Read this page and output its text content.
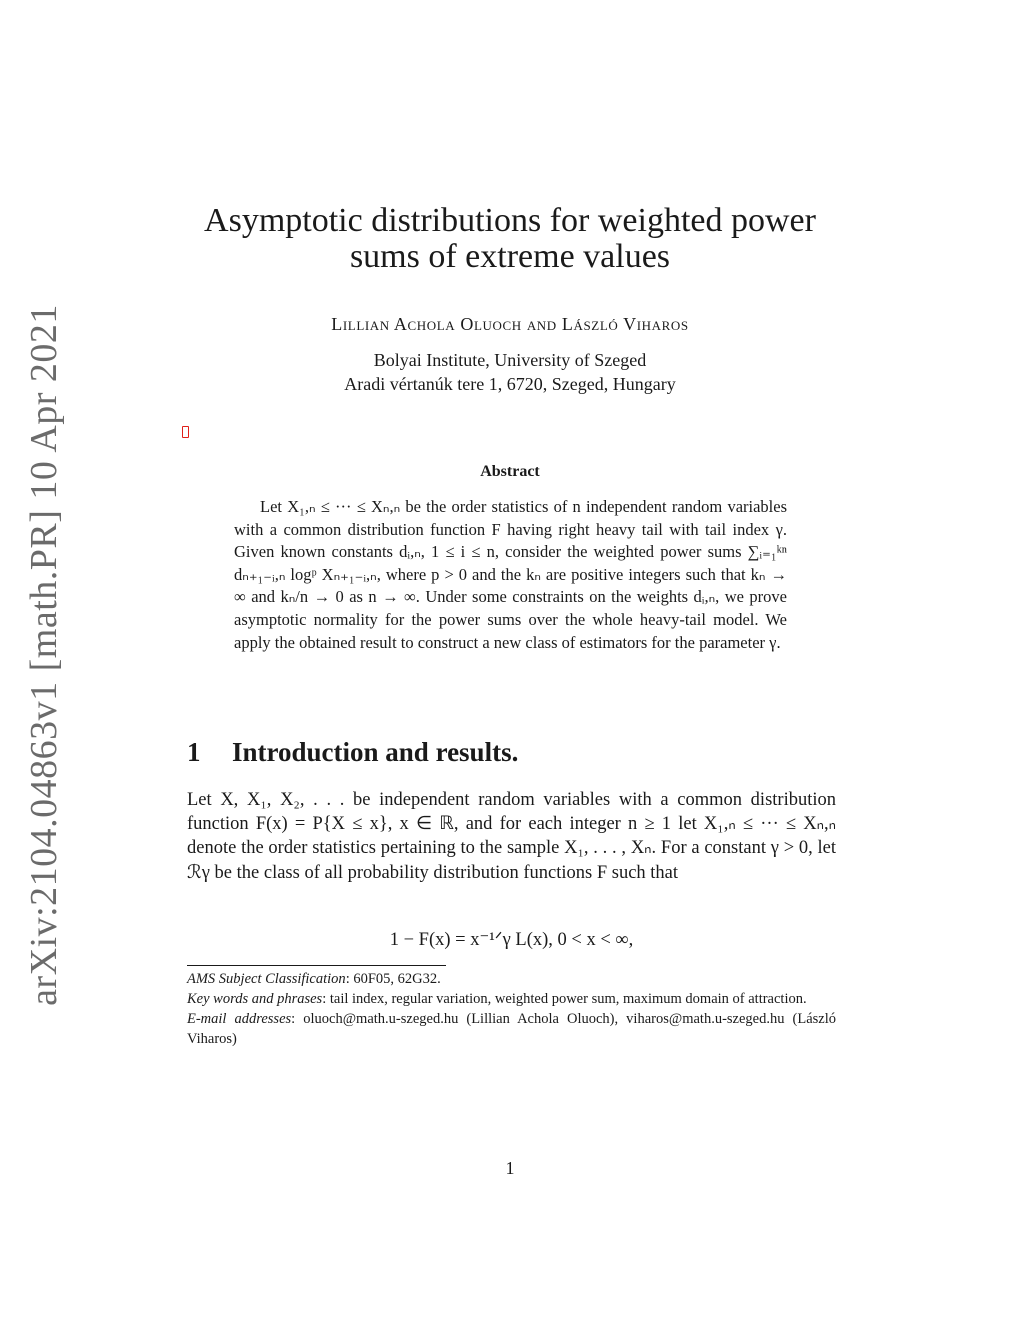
arXiv:2104.04863v1 [math.PR] 10 Apr 2021
Asymptotic distributions for weighted power
sums of extreme values
Lillian Achola Oluoch and László Viharos
Bolyai Institute, University of Szeged
Aradi vértanúk tere 1, 6720, Szeged, Hungary
Abstract
Let X₁,ₙ ≤ ··· ≤ Xₙ,ₙ be the order statistics of n independent random variables with a common distribution function F having right heavy tail with tail index γ. Given known constants dᵢ,ₙ, 1 ≤ i ≤ n, consider the weighted power sums ∑ᵢ₌₁ᵏⁿ dₙ₊₁₋ᵢ,ₙ logᵖ Xₙ₊₁₋ᵢ,ₙ, where p > 0 and the kₙ are positive integers such that kₙ → ∞ and kₙ/n → 0 as n → ∞. Under some constraints on the weights dᵢ,ₙ, we prove asymptotic normality for the power sums over the whole heavy-tail model. We apply the obtained result to construct a new class of estimators for the parameter γ.
1 Introduction and results.
Let X, X₁, X₂, . . . be independent random variables with a common distribution function F(x) = P{X ≤ x}, x ∈ ℝ, and for each integer n ≥ 1 let X₁,ₙ ≤ ··· ≤ Xₙ,ₙ denote the order statistics pertaining to the sample X₁, . . . , Xₙ. For a constant γ > 0, let ℛγ be the class of all probability distribution functions F such that
1 − F(x) = x⁻¹ᐟγ L(x), 0 < x < ∞,

AMS Subject Classification: 60F05, 62G32.

Key words and phrases: tail index, regular variation, weighted power sum, maximum domain of attraction.

E-mail addresses: oluoch@math.u-szeged.hu (Lillian Achola Oluoch), viharos@math.u-szeged.hu (László Viharos)

1
